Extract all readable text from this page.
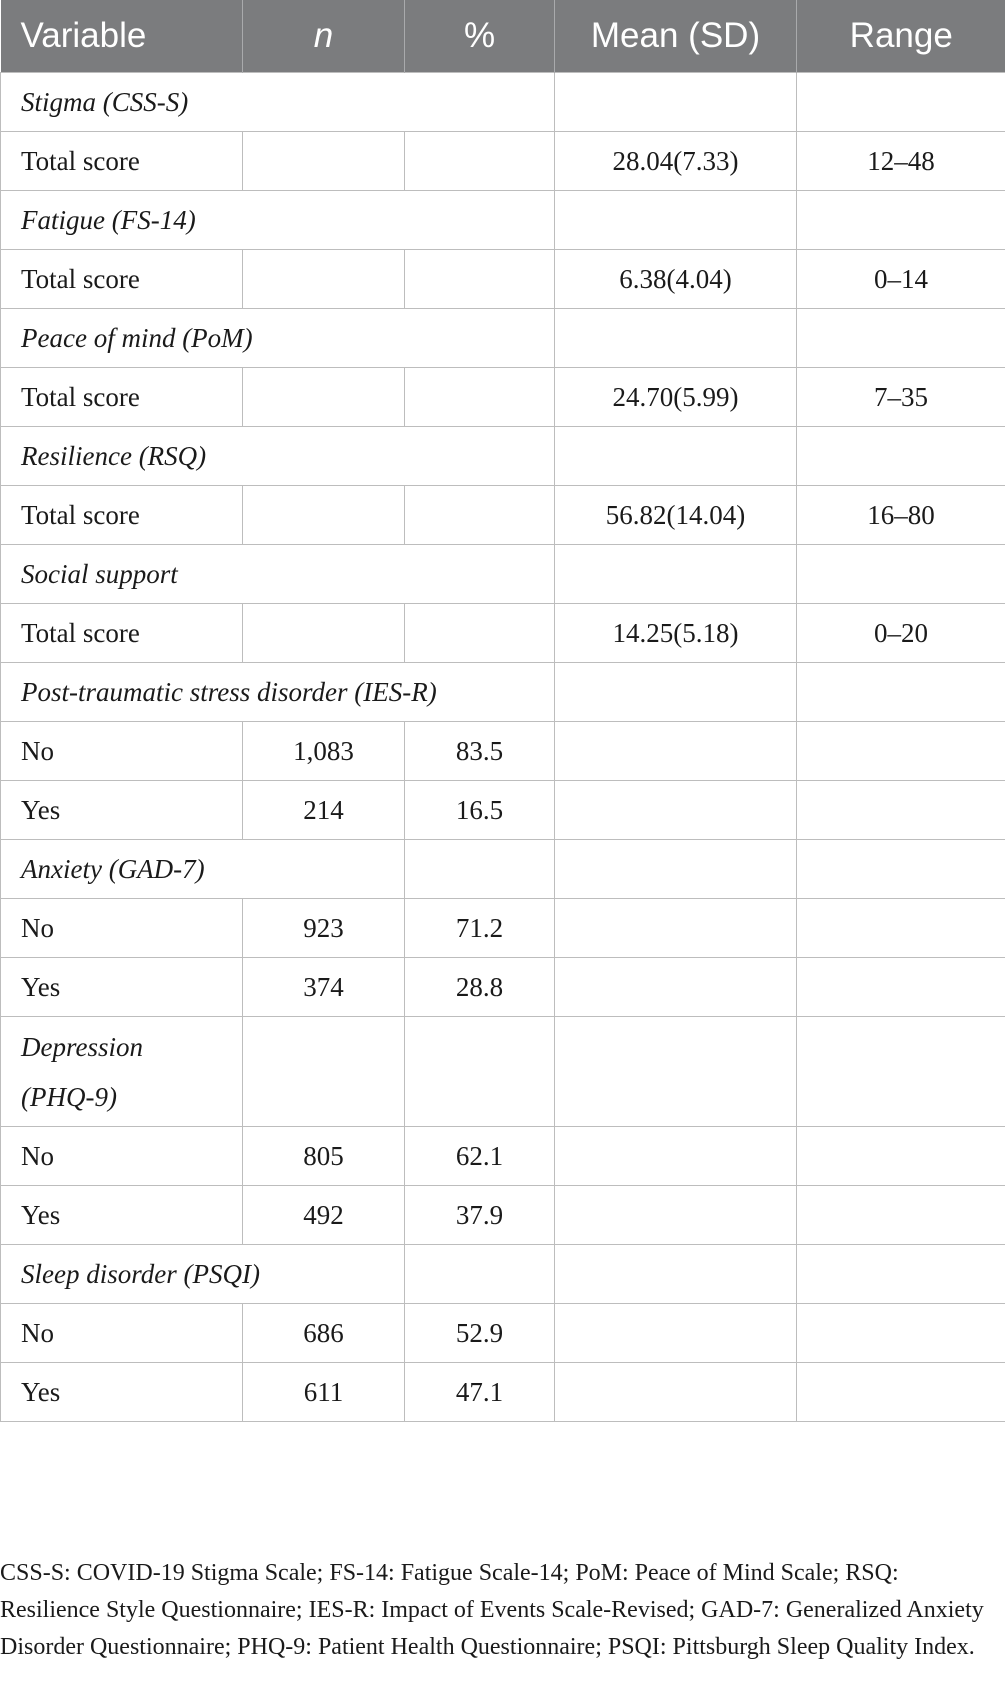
Variable	n	%	Mean (SD)	Range
Stigma (CSS-S)				
Total score			28.04(7.33)	12–48
Fatigue (FS-14)				
Total score			6.38(4.04)	0–14
Peace of mind (PoM)				
Total score			24.70(5.99)	7–35
Resilience (RSQ)				
Total score			56.82(14.04)	16–80
Social support				
Total score			14.25(5.18)	0–20
Post-traumatic stress disorder (IES-R)				
No	1,083	83.5		
Yes	214	16.5		
Anxiety (GAD-7)				
No	923	71.2		
Yes	374	28.8		
Depression
(PHQ-9)				
No	805	62.1		
Yes	492	37.9		
Sleep disorder (PSQI)				
No	686	52.9		
Yes	611	47.1		

CSS-S: COVID-19 Stigma Scale; FS-14: Fatigue Scale-14; PoM: Peace of Mind Scale; RSQ: Resilience Style Questionnaire; IES-R: Impact of Events Scale-Revised; GAD-7: Generalized Anxiety Disorder Questionnaire; PHQ-9: Patient Health Questionnaire; PSQI: Pittsburgh Sleep Quality Index.
